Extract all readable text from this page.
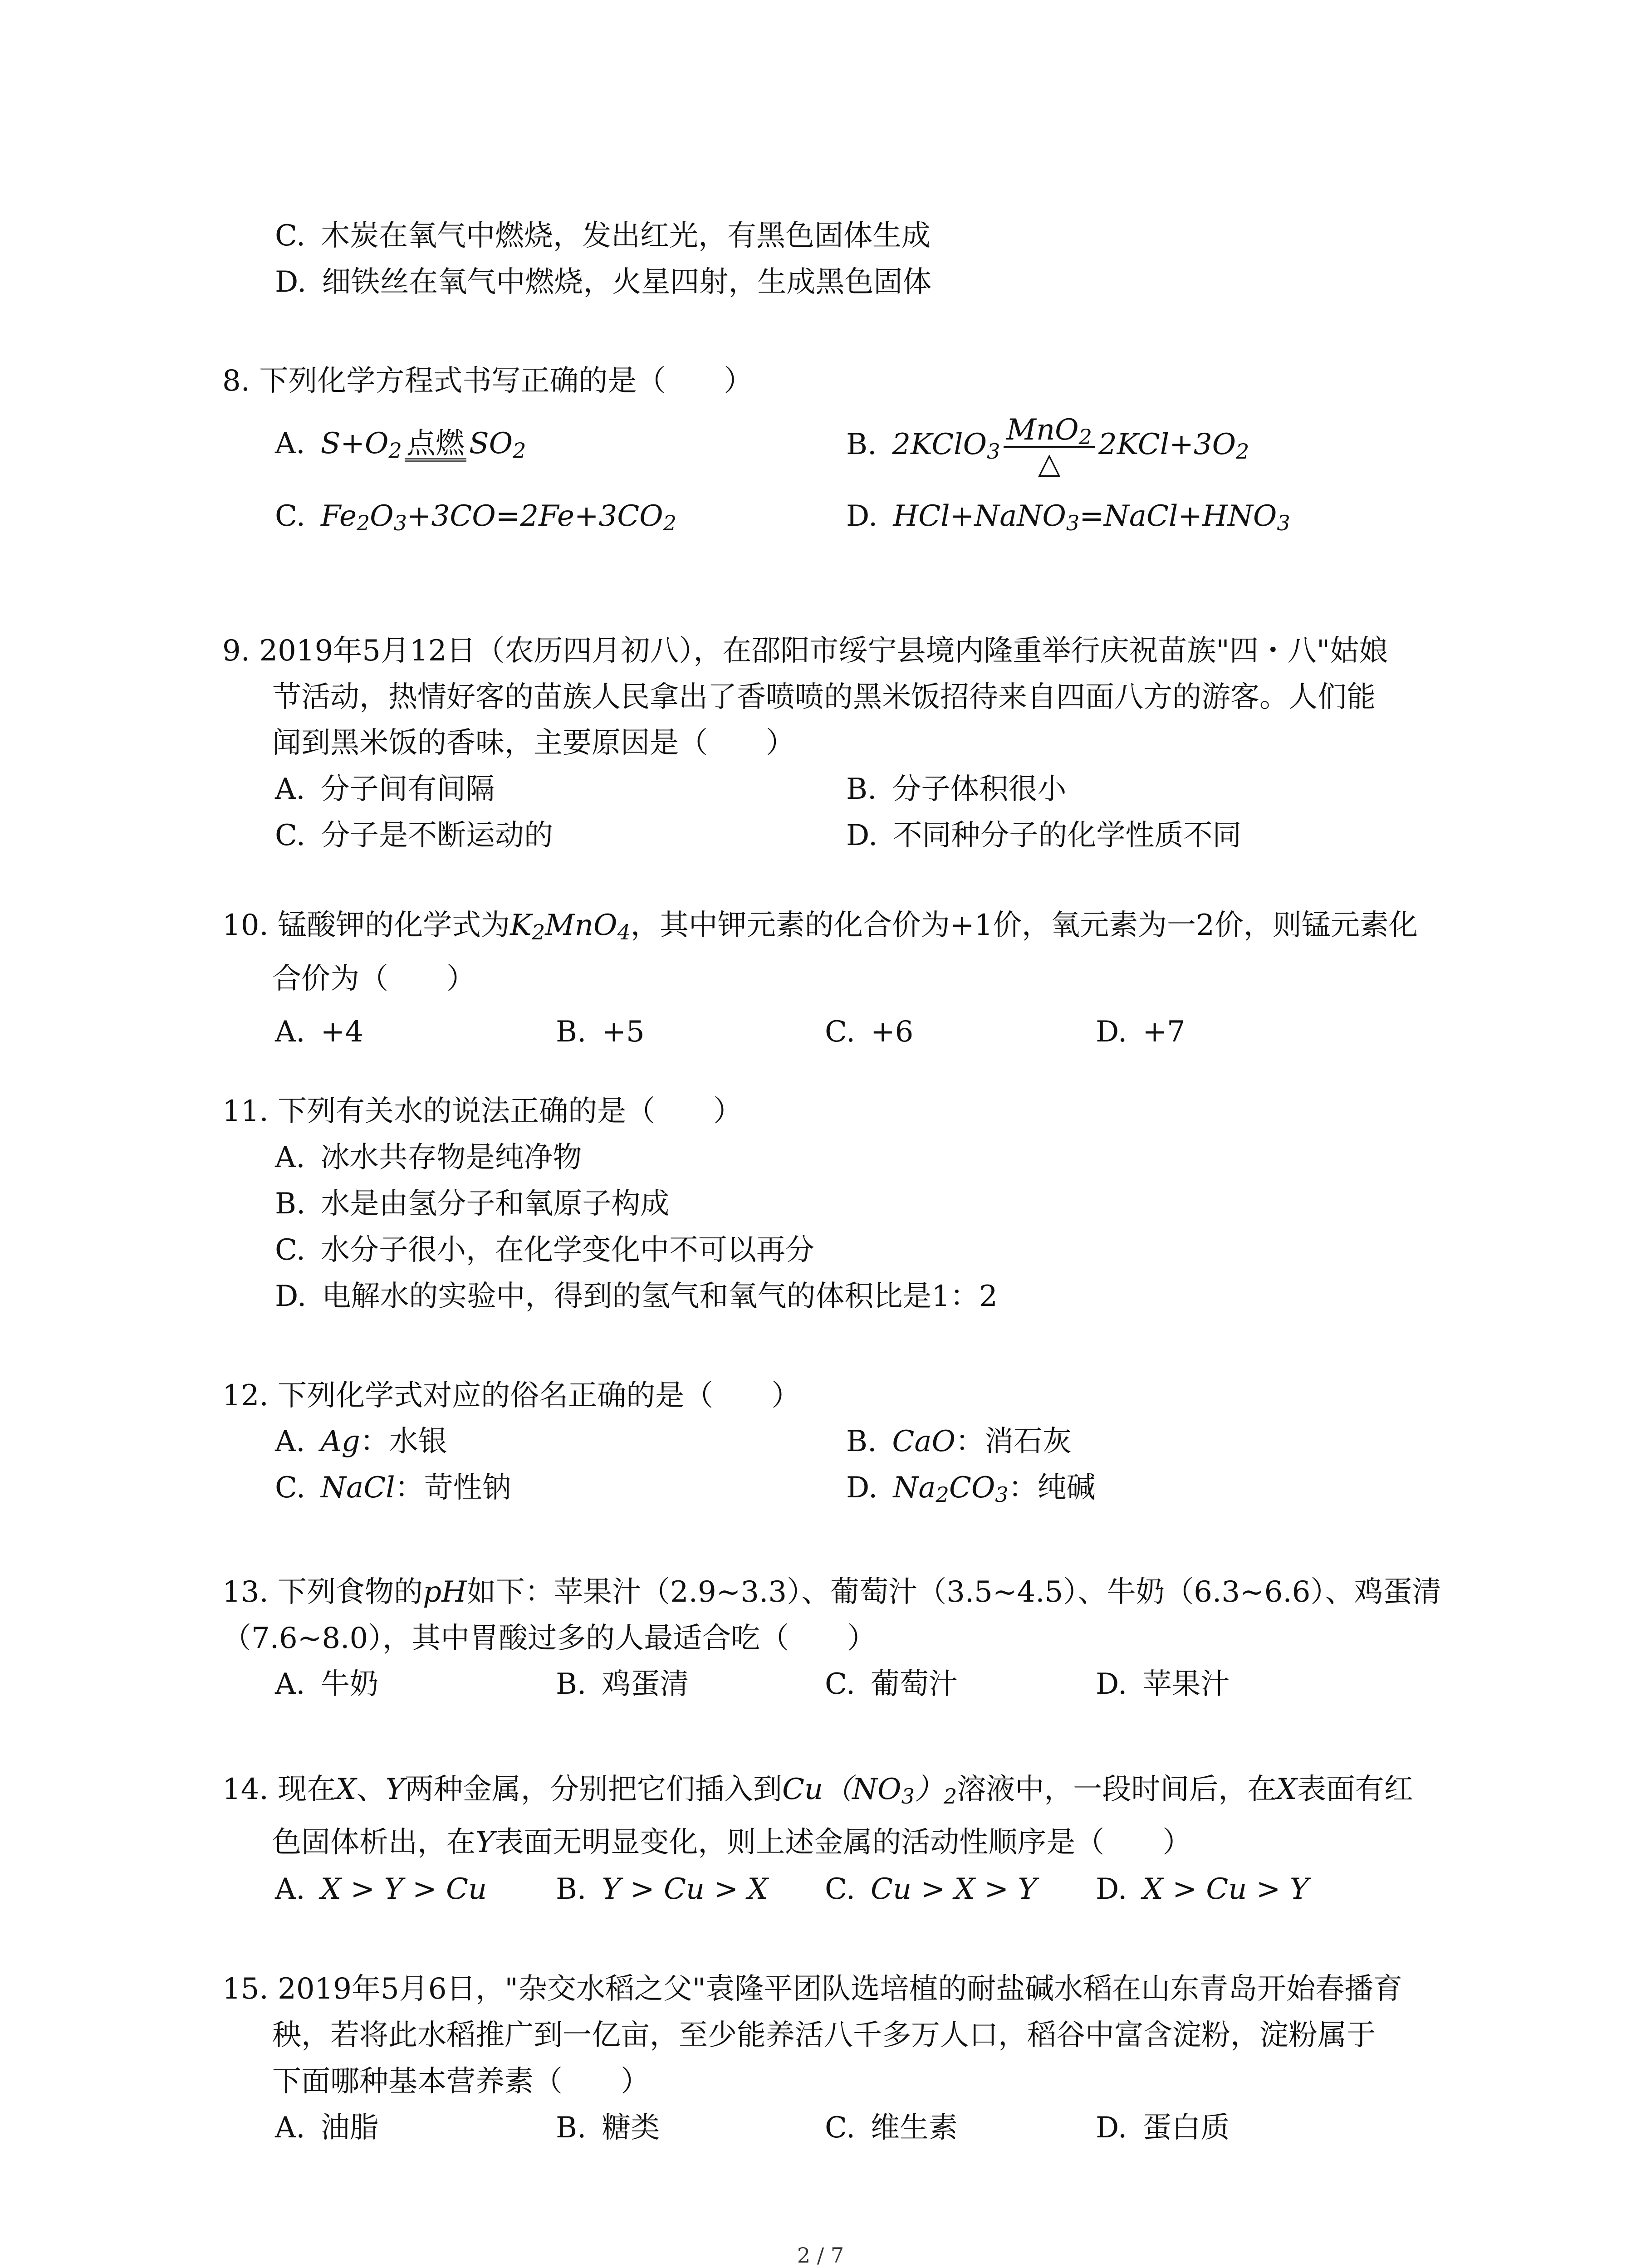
C. 木炭在氧气中燃烧，发出红光，有黑色固体生成
D. 细铁丝在氧气中燃烧，火星四射，生成黑色固体
8. 下列化学方程式书写正确的是（　　）
A. $S+O_2$ 点燃 $SO_2$	B. 2KClO$_3$ $\frac{MnO_2}{\triangle} 2KCl+3O_2$
C. $Fe_2O_3+3CO=2Fe+3CO_2$	D. $HCl+NaNO_3=NaCl+HNO_3$
9. 2019年5月12日（农历四月初八），在邵阳市绥宁县境内隆重举行庆祝苗族"四・八"姑娘
节活动，热情好客的苗族人民拿出了香喷喷的黑米饭招待来自四面八方的游客。人们能
闻到黑米饭的香味，主要原因是（　　）
A. 分子间有间隔	B. 分子体积很小
C. 分子是不断运动的	D. 不同种分子的化学性质不同
10. 锰酸钾的化学式为$K_2MnO_4$，其中钾元素的化合价为+1价，氧元素为一2价，则锰元素化
合价为（　　）
A. +4	B. +5	C. +6	D. +7
11. 下列有关水的说法正确的是（　　）
A. 冰水共存物是纯净物
B. 水是由氢分子和氧原子构成
C. 水分子很小，在化学变化中不可以再分
D. 电解水的实验中，得到的氢气和氧气的体积比是1：2
12. 下列化学式对应的俗名正确的是（　　）
A. Ag：水银	B. CaO：消石灰
C. NaCl：苛性钠	D. $Na_2CO_3$：纯碱
13. 下列食物的pH如下：苹果汁（2.9~3.3）、葡萄汁（3.5~4.5）、牛奶（6.3~6.6）、鸡蛋清
（7.6~8.0），其中胃酸过多的人最适合吃（　　）
A. 牛奶	B. 鸡蛋清	C. 葡萄汁	D. 苹果汁
14. 现在X、Y两种金属，分别把它们插入到$Cu(NO_3)_2$溶液中，一段时间后，在X表面有红
色固体析出，在Y表面无明显变化，则上述金属的活动性顺序是（　　）
A. X > Y > Cu B. Y > Cu > X C. Cu > X > Y D. X > Cu > Y
15. 2019年5月6日，"杂交水稻之父"袁隆平团队选培植的耐盐碱水稻在山东青岛开始春播育
秧，若将此水稻推广到一亿亩，至少能养活八千多万人口，稻谷中富含淀粉，淀粉属于
下面哪种基本营养素（　　）
A. 油脂	B. 糖类	C. 维生素	D. 蛋白质
2 / 7
